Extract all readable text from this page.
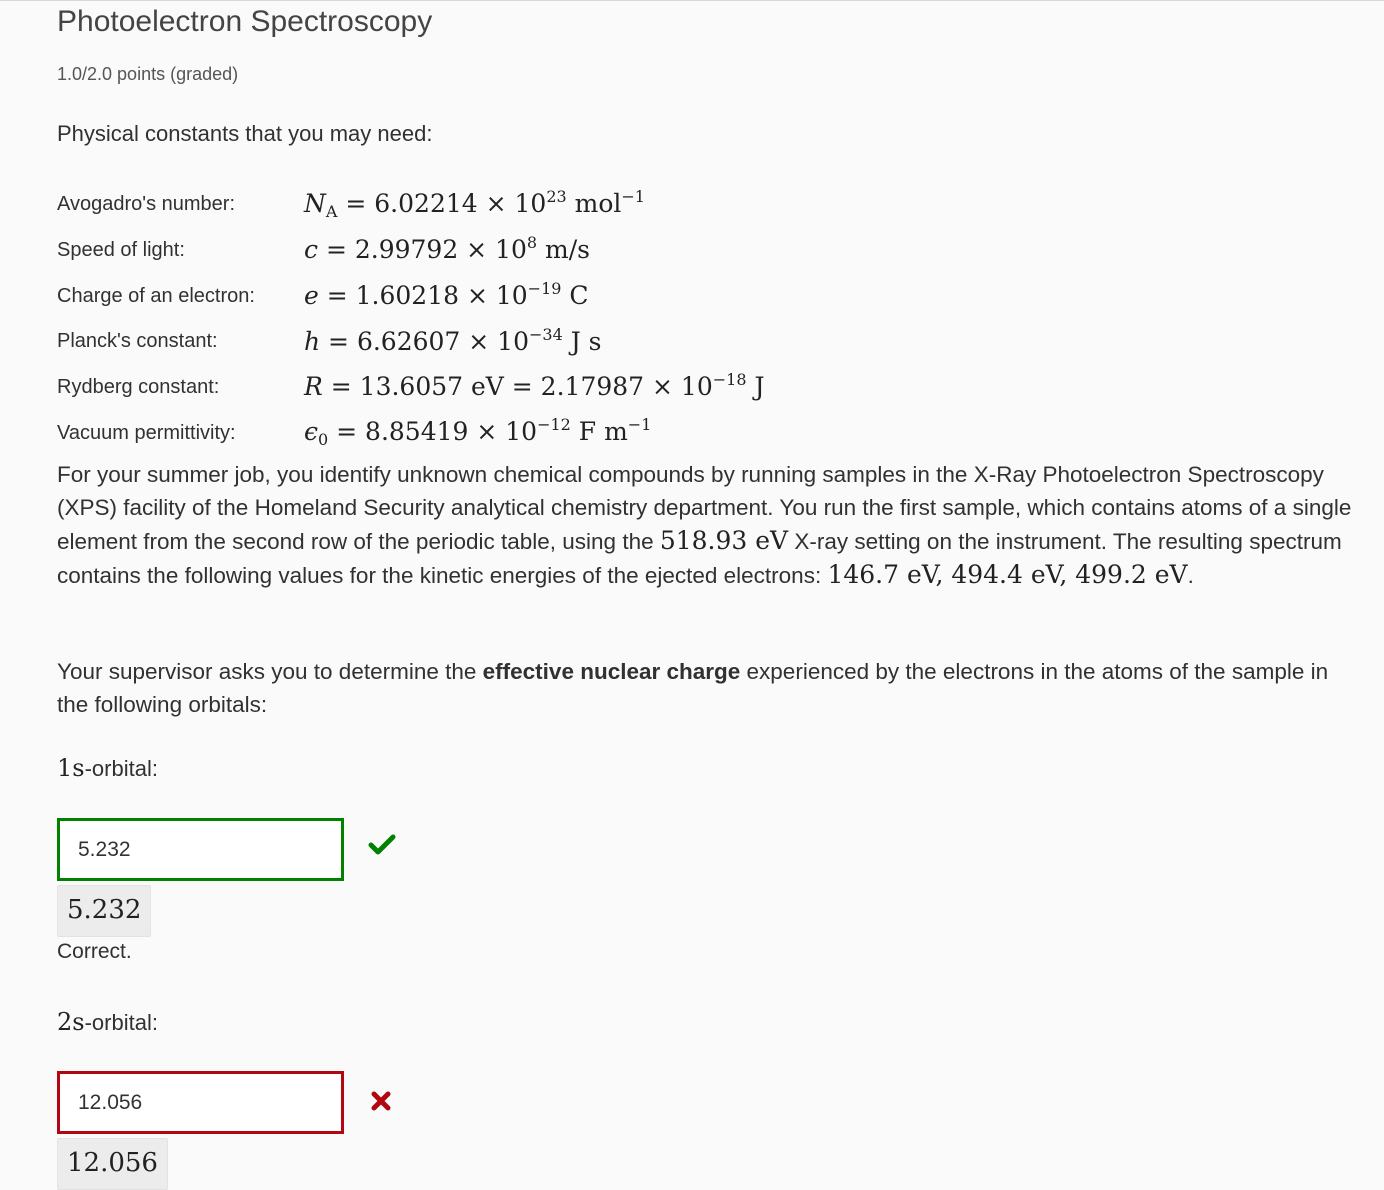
Photoelectron Spectroscopy
1.0/2.0 points (graded)
Physical constants that you may need:
Avogadro's number:	$N_A = 6.02214 \times 10^{23}$ mol$^{-1}$
Speed of light:	$c = 2.99792 \times 10^8$ m/s
Charge of an electron: $e = 1.60218 \times 10^{-19}$ C
Planck's constant:	$h = 6.62607 \times 10^{-34}$ J s
Rydberg constant:	R = 13.6057 eV = $2.17987 \times 10^{-18}$ J
Vacuum permittivity:	$\epsilon_0 = 8.85419 \times 10^{-12}$ F $m^{-1}$
For your summer job, you identify unknown chemical compounds by running samples in the X-Ray Photoelectron Spectroscopy (XPS) facility of the Homeland Security analytical chemistry department. You run the first sample, which contains atoms of a single element from the second row of the periodic table, using the 518.93 eV X-ray setting on the instrument. The resulting spectrum contains the following values for the kinetic energies of the ejected electrons: 146.7 eV, 494.4 eV, 499.2 eV.
Your supervisor asks you to determine the effective nuclear charge experienced by the electrons in the atoms of the sample in the following orbitals:
1s-orbital:
5.232
5.232
Correct.
2s-orbital:
12.056
12.056
